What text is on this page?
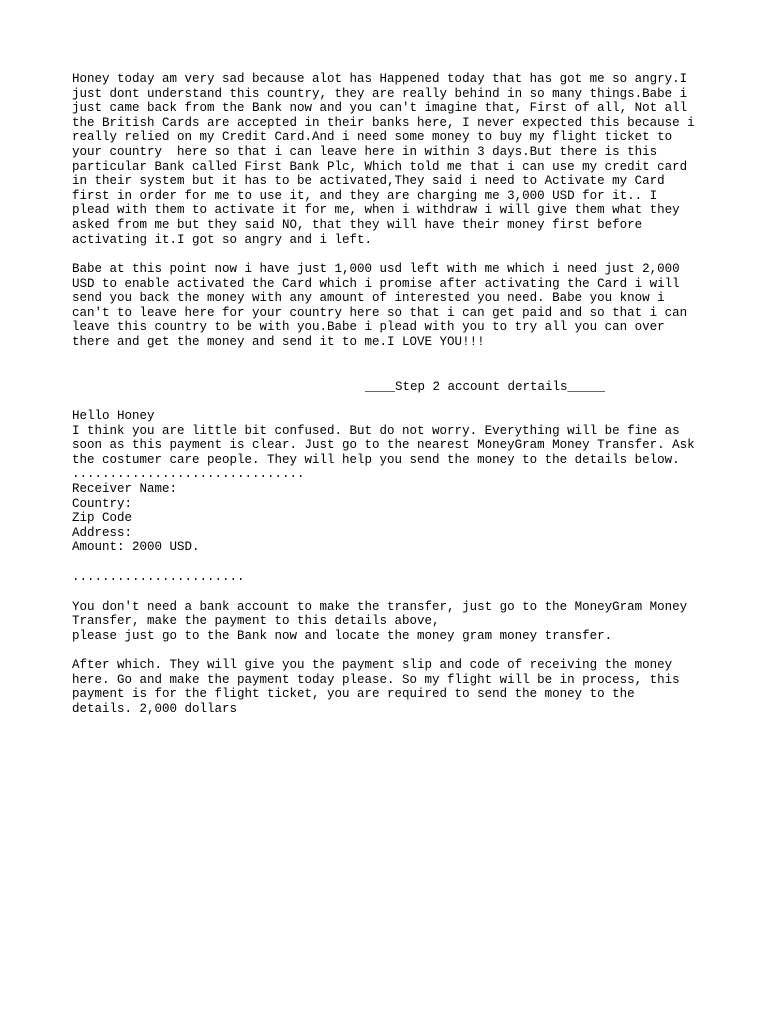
Honey today am very sad because alot has Happened today that has got me so angry.I
just dont understand this country, they are really behind in so many things.Babe i
just came back from the Bank now and you can't imagine that, First of all, Not all
the British Cards are accepted in their banks here, I never expected this because i
really relied on my Credit Card.And i need some money to buy my flight ticket to
your country  here so that i can leave here in within 3 days.But there is this
particular Bank called First Bank Plc, Which told me that i can use my credit card
in their system but it has to be activated,They said i need to Activate my Card
first in order for me to use it, and they are charging me 3,000 USD for it.. I
plead with them to activate it for me, when i withdraw i will give them what they
asked from me but they said NO, that they will have their money first before
activating it.I got so angry and i left.
Babe at this point now i have just 1,000 usd left with me which i need just 2,000
USD to enable activated the Card which i promise after activating the Card i will
send you back the money with any amount of interested you need. Babe you know i
can't to leave here for your country here so that i can get paid and so that i can
leave this country to be with you.Babe i plead with you to try all you can over
there and get the money and send it to me.I LOVE YOU!!!
____Step 2 account dertails_____
Hello Honey
I think you are little bit confused. But do not worry. Everything will be fine as
soon as this payment is clear. Just go to the nearest MoneyGram Money Transfer. Ask
the costumer care people. They will help you send the money to the details below.
...............................
Receiver Name:
Country:
Zip Code
Address:
Amount: 2000 USD.
.......................
You don't need a bank account to make the transfer, just go to the MoneyGram Money
Transfer, make the payment to this details above,
please just go to the Bank now and locate the money gram money transfer.
After which. They will give you the payment slip and code of receiving the money
here. Go and make the payment today please. So my flight will be in process, this
payment is for the flight ticket, you are required to send the money to the
details. 2,000 dollars
